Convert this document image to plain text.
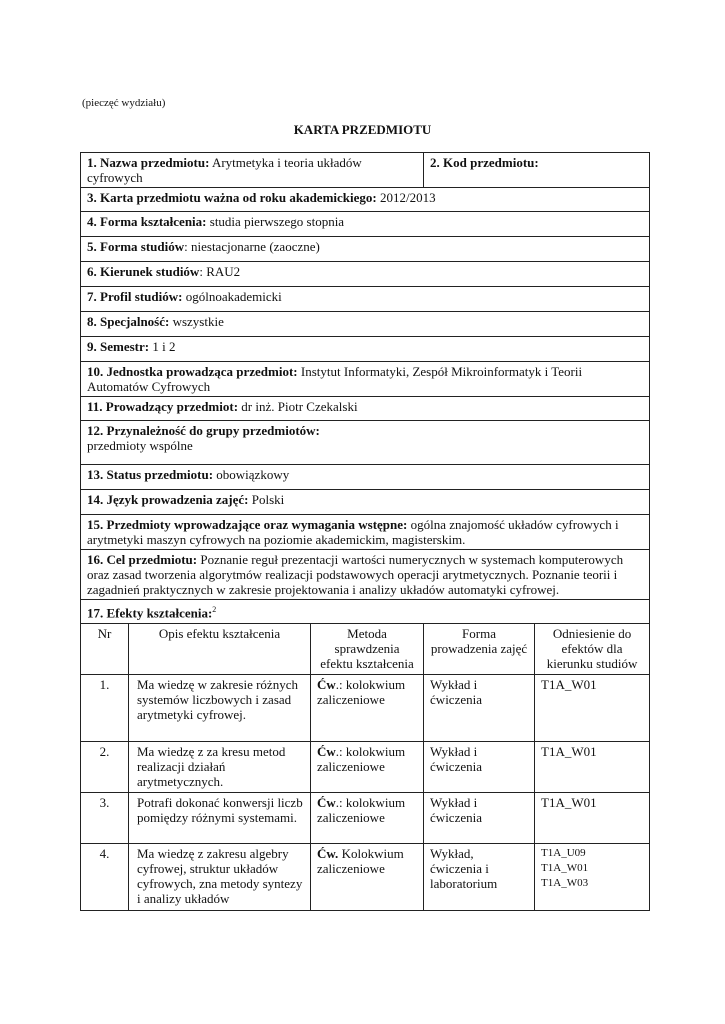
(pieczęć wydziału)
KARTA PRZEDMIOTU
1. Nazwa przedmiotu: Arytmetyka i teoria układów cyfrowych			2. Kod przedmiotu:	
3. Karta przedmiotu ważna od roku akademickiego: 2012/2013				
4. Forma kształcenia: studia pierwszego stopnia				
5. Forma studiów: niestacjonarne (zaoczne)				
6. Kierunek studiów: RAU2				
7. Profil studiów: ogólnoakademicki				
8. Specjalność: wszystkie				
9. Semestr: 1 i 2				
10. Jednostka prowadząca przedmiot: Instytut Informatyki, Zespół Mikroinformatyk i Teorii Automatów Cyfrowych				
11. Prowadzący przedmiot: dr inż. Piotr Czekalski				
12. Przynależność do grupy przedmiotów:
przedmioty wspólne				
13. Status przedmiotu: obowiązkowy				
14. Język prowadzenia zajęć: Polski				
15. Przedmioty wprowadzające oraz wymagania wstępne: ogólna znajomość układów cyfrowych i arytmetyki maszyn cyfrowych na poziomie akademickim, magisterskim.				
16. Cel przedmiotu: Poznanie reguł prezentacji wartości numerycznych w systemach komputerowych oraz zasad tworzenia algorytmów realizacji podstawowych operacji arytmetycznych. Poznanie teorii i zagadnień praktycznych w zakresie projektowania i analizy układów automatyki cyfrowej.				
17. Efekty kształcenia:$^2$
Nr	Opis efektu kształcenia	Metoda sprawdzenia efektu kształcenia	Forma prowadzenia zajęć	Odniesienie do efektów dla kierunku studiów
1.	Ma wiedzę w zakresie różnych systemów liczbowych i zasad arytmetyki cyfrowej.	Ćw.: kolokwium zaliczeniowe	Wykład i ćwiczenia	T1A_W01
2.	Ma wiedzę z za kresu metod realizacji działań arytmetycznych.	Ćw.: kolokwium zaliczeniowe	Wykład i ćwiczenia	T1A_W01
3.	Potrafi dokonać konwersji liczb pomiędzy różnymi systemami.	Ćw.: kolokwium zaliczeniowe	Wykład i ćwiczenia	T1A_W01
4.	Ma wiedzę z zakresu algebry cyfrowej, struktur układów cyfrowych, zna metody syntezy i analizy układów	Ćw. Kolokwium zaliczeniowe	Wykład, ćwiczenia i laboratorium	T1A_U09
T1A_W01
T1A_W03
